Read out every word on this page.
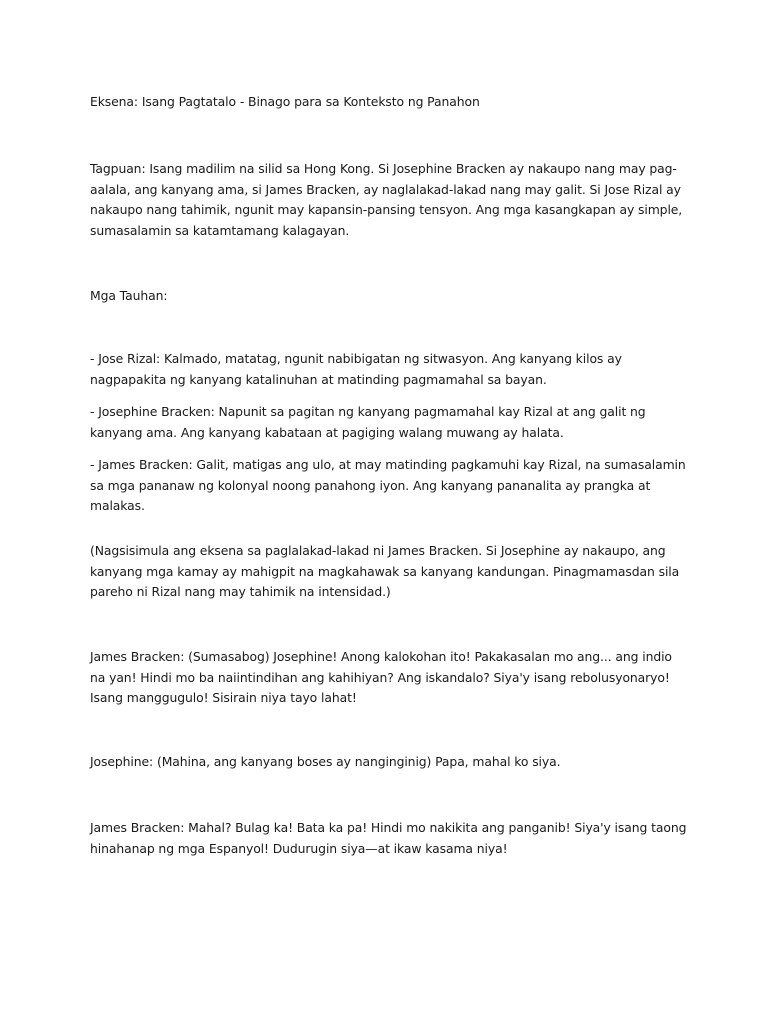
Eksena: Isang Pagtatalo - Binago para sa Konteksto ng Panahon

Tagpuan: Isang madilim na silid sa Hong Kong. Si Josephine Bracken ay nakaupo nang may pag-aalala, ang kanyang ama, si James Bracken, ay naglalakad-lakad nang may galit. Si Jose Rizal ay nakaupo nang tahimik, ngunit may kapansin-pansing tensyon. Ang mga kasangkapan ay simple, sumasalamin sa katamtamang kalagayan.

Mga Tauhan:

- Jose Rizal: Kalmado, matatag, ngunit nabibigatan ng sitwasyon. Ang kanyang kilos ay nagpapakita ng kanyang katalinuhan at matinding pagmamahal sa bayan.

- Josephine Bracken: Napunit sa pagitan ng kanyang pagmamahal kay Rizal at ang galit ng kanyang ama. Ang kanyang kabataan at pagiging walang muwang ay halata.

- James Bracken: Galit, matigas ang ulo, at may matinding pagkamuhi kay Rizal, na sumasalamin sa mga pananaw ng kolonyal noong panahong iyon. Ang kanyang pananalita ay prangka at malakas.

(Nagsisimula ang eksena sa paglalakad-lakad ni James Bracken. Si Josephine ay nakaupo, ang kanyang mga kamay ay mahigpit na magkahawak sa kanyang kandungan. Pinagmamasdan sila pareho ni Rizal nang may tahimik na intensidad.)

James Bracken: (Sumasabog) Josephine! Anong kalokohan ito! Pakakasalan mo ang... ang indio na yan! Hindi mo ba naiintindihan ang kahihiyan? Ang iskandalo? Siya'y isang rebolusyonaryo! Isang manggugulo! Sisirain niya tayo lahat!

Josephine: (Mahina, ang kanyang boses ay nanginginig) Papa, mahal ko siya.

James Bracken: Mahal? Bulag ka! Bata ka pa! Hindi mo nakikita ang panganib! Siya'y isang taong hinahanap ng mga Espanyol! Dudurugin siya—at ikaw kasama niya!
